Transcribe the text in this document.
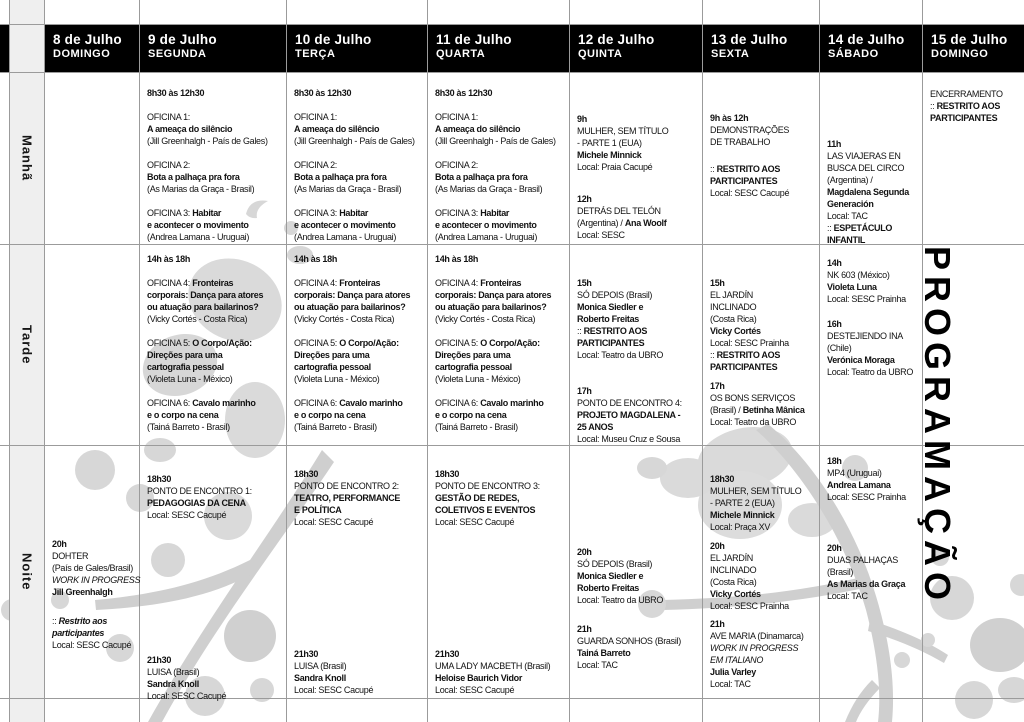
8 de Julho
DOMINGO
9 de Julho
SEGUNDA
10 de Julho
TERÇA
11 de Julho
QUARTA
12 de Julho
QUINTA
13 de Julho
SEXTA
14 de Julho
SÁBADO
15 de Julho
DOMINGO
Manhã
8h30 às 12h30
OFICINA 1:
A ameaça do silêncio
(Jill Greenhalgh - País de Gales)
OFICINA 2:
Bota a palhaça pra fora
(As Marias da Graça - Brasil)
OFICINA 3: Habitar
e acontecer o movimento
(Andrea Lamana - Uruguai)
8h30 às 12h30
OFICINA 1:
A ameaça do silêncio
(Jill Greenhalgh - País de Gales)
OFICINA 2:
Bota a palhaça pra fora
(As Marias da Graça - Brasil)
OFICINA 3: Habitar
e acontecer o movimento
(Andrea Lamana - Uruguai)
8h30 às 12h30
OFICINA 1:
A ameaça do silêncio
(Jill Greenhalgh - País de Gales)
OFICINA 2:
Bota a palhaça pra fora
(As Marias da Graça - Brasil)
OFICINA 3: Habitar
e acontecer o movimento
(Andrea Lamana - Uruguai)
9h
MULHER, SEM TÍTULO
- PARTE 1 (EUA)
Michele Minnick
Local: Praia Cacupé
12h
DETRÁS DEL TELÓN
(Argentina) / Ana Woolf
Local: SESC
9h às 12h
DEMONSTRAÇÕES
DE TRABALHO
:: RESTRITO AOS
PARTICIPANTES
Local: SESC Cacupé
11h
LAS VIAJERAS EN
BUSCA DEL CIRCO
(Argentina) /
Magdalena Segunda
Generación
Local: TAC
:: ESPETÁCULO
INFANTIL
ENCERRAMENTO
:: RESTRITO AOS
PARTICIPANTES
Tarde
14h às 18h
OFICINA 4: Fronteiras
corporais: Dança para atores
ou atuação para bailarinos?
(Vicky Cortés - Costa Rica)
OFICINA 5: O Corpo/Ação:
Direções para uma
cartografia pessoal
(Violeta Luna - México)
OFICINA 6: Cavalo marinho
e o corpo na cena
(Tainá Barreto - Brasil)
14h às 18h
OFICINA 4: Fronteiras
corporais: Dança para atores
ou atuação para bailarinos?
(Vicky Cortés - Costa Rica)
OFICINA 5: O Corpo/Ação:
Direções para uma
cartografia pessoal
(Violeta Luna - México)
OFICINA 6: Cavalo marinho
e o corpo na cena
(Tainá Barreto - Brasil)
14h às 18h
OFICINA 4: Fronteiras
corporais: Dança para atores
ou atuação para bailarinos?
(Vicky Cortés - Costa Rica)
OFICINA 5: O Corpo/Ação:
Direções para uma
cartografia pessoal
(Violeta Luna - México)
OFICINA 6: Cavalo marinho
e o corpo na cena
(Tainá Barreto - Brasil)
15h
SÓ DEPOIS (Brasil)
Monica Siedler e
Roberto Freitas
:: RESTRITO AOS
PARTICIPANTES
Local: Teatro da UBRO
17h
PONTO DE ENCONTRO 4:
PROJETO MAGDALENA -
25 ANOS
Local: Museu Cruz e Sousa
15h
EL JARDÍN
INCLINADO
(Costa Rica)
Vicky Cortés
Local: SESC Prainha
:: RESTRITO AOS
PARTICIPANTES
17h
OS BONS SERVIÇOS
(Brasil) / Betinha Mânica
Local: Teatro da UBRO
14h
NK 603 (México)
Violeta Luna
Local: SESC Prainha
16h
DESTEJIENDO INA
(Chile)
Verónica Moraga
Local: Teatro da UBRO
Noite
20h
DOHTER
(País de Gales/Brasil)
WORK IN PROGRESS
Jill Greenhalgh
:: Restrito aos
participantes
Local: SESC Cacupé
18h30
PONTO DE ENCONTRO 1:
PEDAGOGIAS DA CENA
Local: SESC Cacupé
21h30
LUISA (Brasil)
Sandra Knoll
Local: SESC Cacupé
18h30
PONTO DE ENCONTRO 2:
TEATRO, PERFORMANCE
E POLÍTICA
Local: SESC Cacupé
21h30
LUISA (Brasil)
Sandra Knoll
Local: SESC Cacupé
18h30
PONTO DE ENCONTRO 3:
GESTÃO DE REDES,
COLETIVOS E EVENTOS
Local: SESC Cacupé
21h30
UMA LADY MACBETH (Brasil)
Heloise Baurich Vidor
Local: SESC Cacupé
20h
SÓ DEPOIS (Brasil)
Monica Siedler e
Roberto Freitas
Local: Teatro da UBRO
21h
GUARDA SONHOS (Brasil)
Tainá Barreto
Local: TAC
18h30
MULHER, SEM TÍTULO
- PARTE 2 (EUA)
Michele Minnick
Local: Praça XV
20h
EL JARDÍN
INCLINADO
(Costa Rica)
Vicky Cortés
Local: SESC Prainha
21h
AVE MARIA (Dinamarca)
WORK IN PROGRESS
EM ITALIANO
Julia Varley
Local: TAC
18h
MP4 (Uruguai)
Andrea Lamana
Local: SESC Prainha
20h
DUAS PALHAÇAS
(Brasil)
As Marias da Graça
Local: TAC	PROGRAMAÇÃO
